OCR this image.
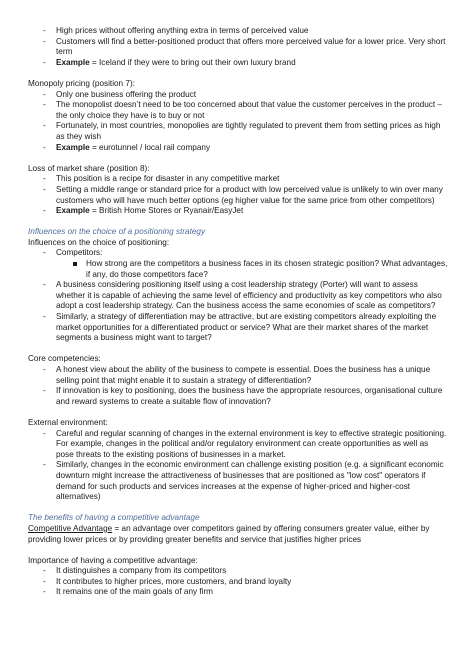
- High prices without offering anything extra in terms of perceived value
- Customers will find a better-positioned product that offers more perceived value for a lower price. Very short term
- Example = Iceland if they were to bring out their own luxury brand

Monopoly pricing (position 7):

- Only one business offering the product
- The monopolist doesn’t need to be too concerned about that value the customer perceives in the product – the only choice they have is to buy or not
- Fortunately, in most countries, monopolies are tightly regulated to prevent them from setting prices as high as they wish
- Example = eurotunnel / local rail company

Loss of market share (position 8):

- This position is a recipe for disaster in any competitive market
- Setting a middle range or standard price for a product with low perceived value is unlikely to win over many customers who will have much better options (eg higher value for the same price from other competitors)
- Example = British Home Stores or Ryanair/EasyJet

Influences on the choice of a positioning strategy

Influences on the choice of positioning:

- Competitors:
How strong are the competitors a business faces in its chosen strategic position? What advantages, if any, do those competitors face?
- A business considering positioning itself using a cost leadership strategy (Porter) will want to assess whether it is capable of achieving the same level of efficiency and productivity as key competitors who also adopt a cost leadership strategy. Can the business access the same economies of scale as competitors?
- Similarly, a strategy of differentiation may be attractive, but are existing competitors already exploiting the market opportunities for a differentiated product or service? What are their market shares of the market segments a business might want to target?

Core competencies:

- A honest view about the ability of the business to compete is essential. Does the business has a unique selling point that might enable it to sustain a strategy of differentiation?
- If innovation is key to positioning, does the business have the appropriate resources, organisational culture and reward systems to create a suitable flow of innovation?

External environment:

- Careful and regular scanning of changes in the external environment is key to effective strategic positioning. For example, changes in the political and/or regulatory environment can create opportunities as well as pose threats to the existing positions of businesses in a market.
- Similarly, changes in the economic environment can challenge existing position (e.g. a significant economic downturn might increase the attractiveness of businesses that are positioned as "low cost" operators if demand for such products and services increases at the expense of higher-priced and higher-cost alternatives)

The benefits of having a competitive advantage

Competitive Advantage = an advantage over competitors gained by offering consumers greater value, either by providing lower prices or by providing greater benefits and service that justifies higher prices

Importance of having a competitive advantage:

- It distinguishes a company from its competitors
- It contributes to higher prices, more customers, and brand loyalty
- It remains one of the main goals of any firm
